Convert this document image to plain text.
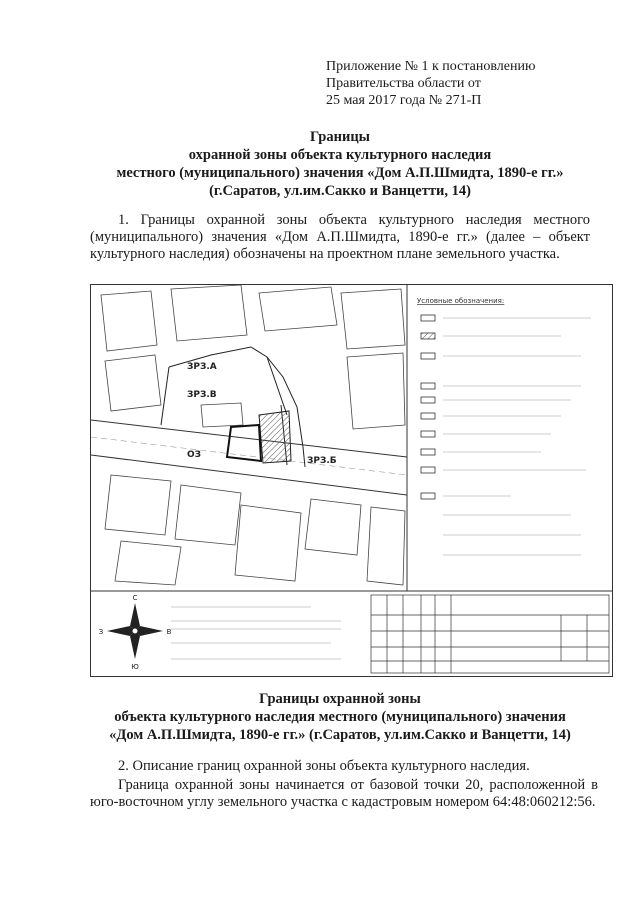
Приложение № 1 к постановлению
Правительства области от
25 мая 2017 года № 271-П
Границы
охранной зоны объекта культурного наследия
местного (муниципального) значения «Дом А.П.Шмидта, 1890-е гг.»
(г.Саратов, ул.им.Сакко и Ванцетти, 14)
1. Границы охранной зоны объекта культурного наследия местного (муниципального) значения «Дом А.П.Шмидта, 1890-е гг.» (далее – объект культурного наследия) обозначены на проектном плане земельного участка.
ЗРЗ.А
ЗРЗ.В
ОЗ
ЗРЗ.Б
Условные обозначения:
С
В
Ю
З
Границы охранной зоны
объекта культурного наследия местного (муниципального) значения
«Дом А.П.Шмидта, 1890-е гг.» (г.Саратов, ул.им.Сакко и Ванцетти, 14)
2. Описание границ охранной зоны объекта культурного наследия.
Граница охранной зоны начинается от базовой точки 20, расположенной в юго-восточном углу земельного участка с кадастровым номером 64:48:060212:56.
